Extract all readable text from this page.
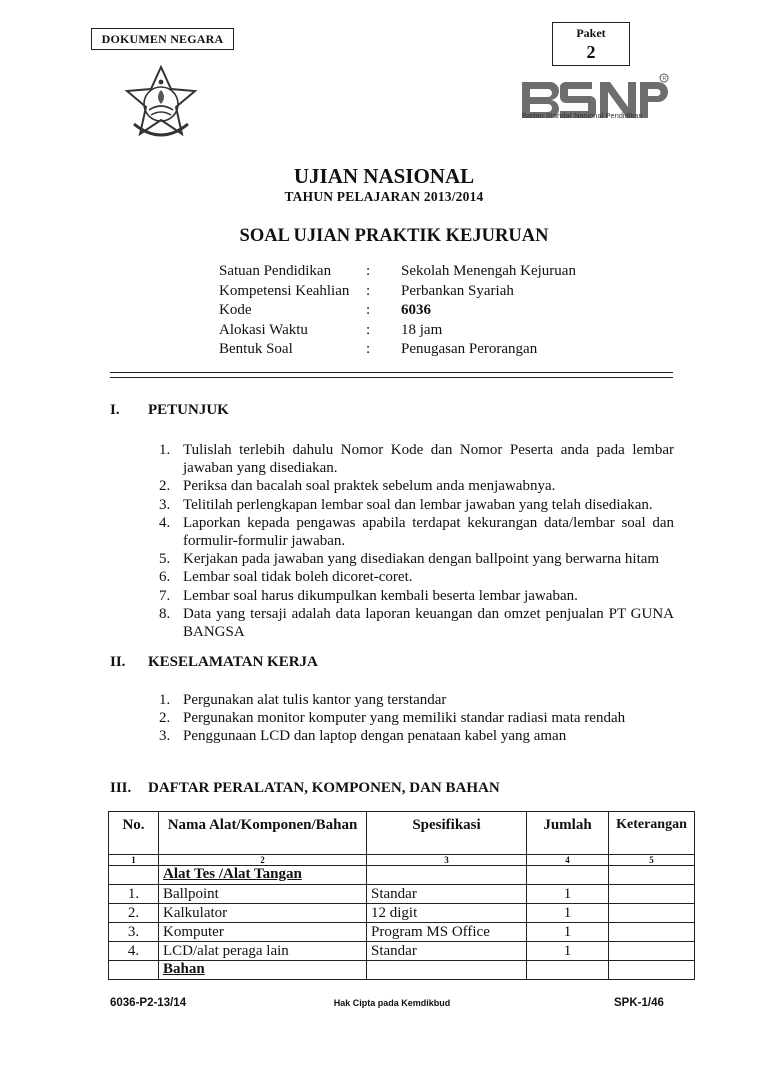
DOKUMEN NEGARA	Paket
2
R
Badan Standar Nasional Pendidikan
UJIAN NASIONAL
TAHUN PELAJARAN 2013/2014
SOAL UJIAN PRAKTIK KEJURUAN
Satuan Pendidikan	:	Sekolah Menengah Kejuruan
Kompetensi Keahlian	:	Perbankan Syariah
Kode	:	6036
Alokasi Waktu	:	18 jam
Bentuk Soal	:	Penugasan Perorangan
I. PETUNJUK
1. Tulislah terlebih dahulu Nomor Kode dan Nomor Peserta anda pada lembar jawaban yang disediakan.
2. Periksa dan bacalah soal praktek sebelum anda menjawabnya.
3. Telitilah perlengkapan lembar soal dan lembar jawaban yang telah disediakan.
4. Laporkan kepada pengawas apabila terdapat kekurangan data/lembar soal dan formulir-formulir jawaban.
5. Kerjakan pada jawaban yang disediakan dengan ballpoint yang berwarna hitam
6. Lembar soal tidak boleh dicoret-coret.
7. Lembar soal harus dikumpulkan kembali beserta lembar jawaban.
8. Data yang tersaji adalah data laporan keuangan dan omzet penjualan PT GUNA BANGSA
II. KESELAMATAN KERJA
1. Pergunakan alat tulis kantor yang terstandar
2. Pergunakan monitor komputer yang memiliki standar radiasi mata rendah
3. Penggunaan LCD dan laptop dengan penataan kabel yang aman
III. DAFTAR PERALATAN, KOMPONEN, DAN BAHAN
No.	Nama Alat/Komponen/Bahan	Spesifikasi	Jumlah	Keterangan
1	2	3	4	5
	Alat Tes /Alat Tangan			
1.	Ballpoint	Standar	1	
2.	Kalkulator	12 digit	1	
3.	Komputer	Program MS Office	1	
4.	LCD/alat peraga lain	Standar	1	
	Bahan			
6036-P2-13/14	Hak Cipta pada Kemdikbud	SPK-1/46
